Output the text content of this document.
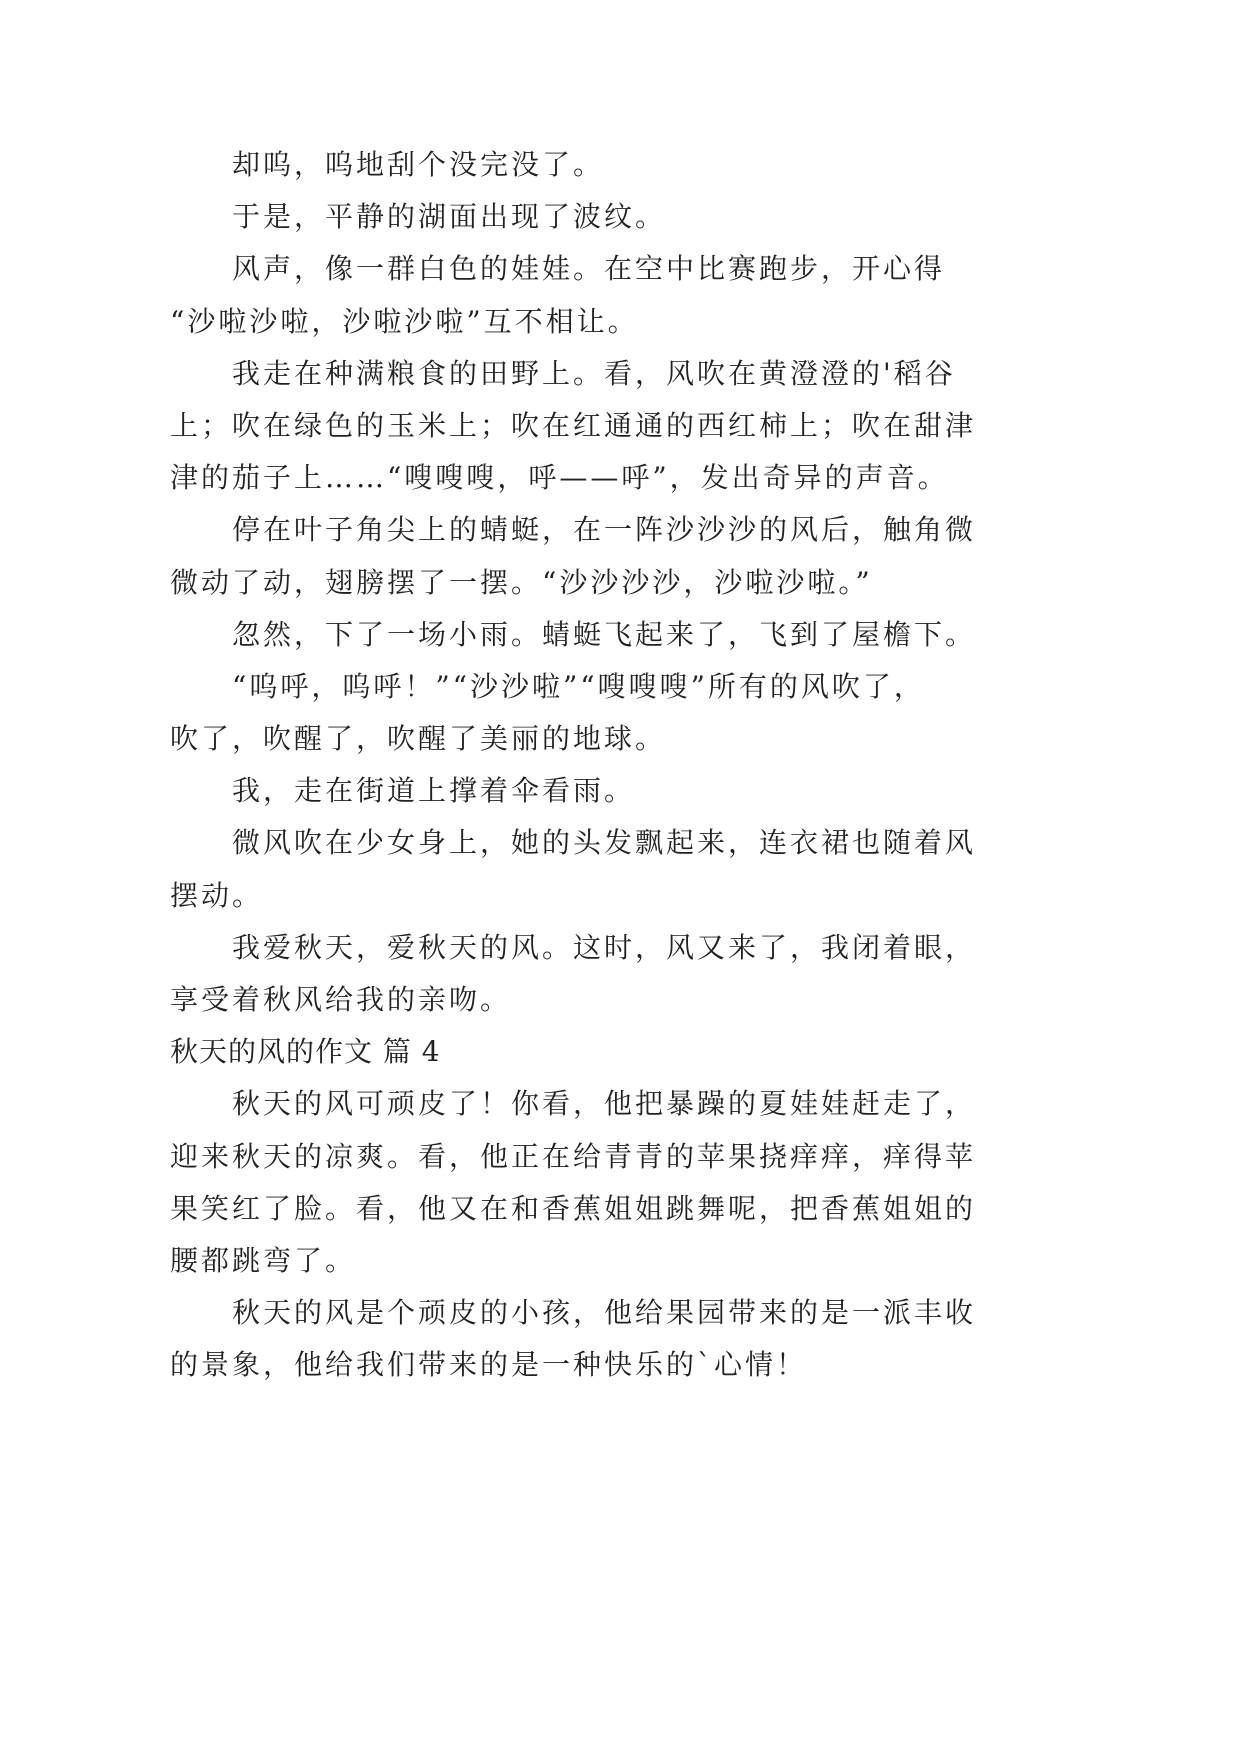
却呜，呜地刮个没完没了。
于是，平静的湖面出现了波纹。
风声，像一群白色的娃娃。在空中比赛跑步，开心得
“沙啦沙啦，沙啦沙啦”互不相让。
我走在种满粮食的田野上。看，风吹在黄澄澄的'稻谷
上；吹在绿色的玉米上；吹在红通通的西红柿上；吹在甜津
津的茄子上……“嗖嗖嗖，呼——呼”，发出奇异的声音。
停在叶子角尖上的蜻蜓，在一阵沙沙沙的风后，触角微
微动了动，翅膀摆了一摆。“沙沙沙沙，沙啦沙啦。”
忽然，下了一场小雨。蜻蜓飞起来了，飞到了屋檐下。
“呜呼，呜呼！”“沙沙啦”“嗖嗖嗖”所有的风吹了，
吹了，吹醒了，吹醒了美丽的地球。
我，走在街道上撑着伞看雨。
微风吹在少女身上，她的头发飘起来，连衣裙也随着风
摆动。
我爱秋天，爱秋天的风。这时，风又来了，我闭着眼，
享受着秋风给我的亲吻。
秋天的风的作文 篇 4
秋天的风可顽皮了！你看，他把暴躁的夏娃娃赶走了，
迎来秋天的凉爽。看，他正在给青青的苹果挠痒痒，痒得苹
果笑红了脸。看，他又在和香蕉姐姐跳舞呢，把香蕉姐姐的
腰都跳弯了。
秋天的风是个顽皮的小孩，他给果园带来的是一派丰收
的景象，他给我们带来的是一种快乐的`心情！
